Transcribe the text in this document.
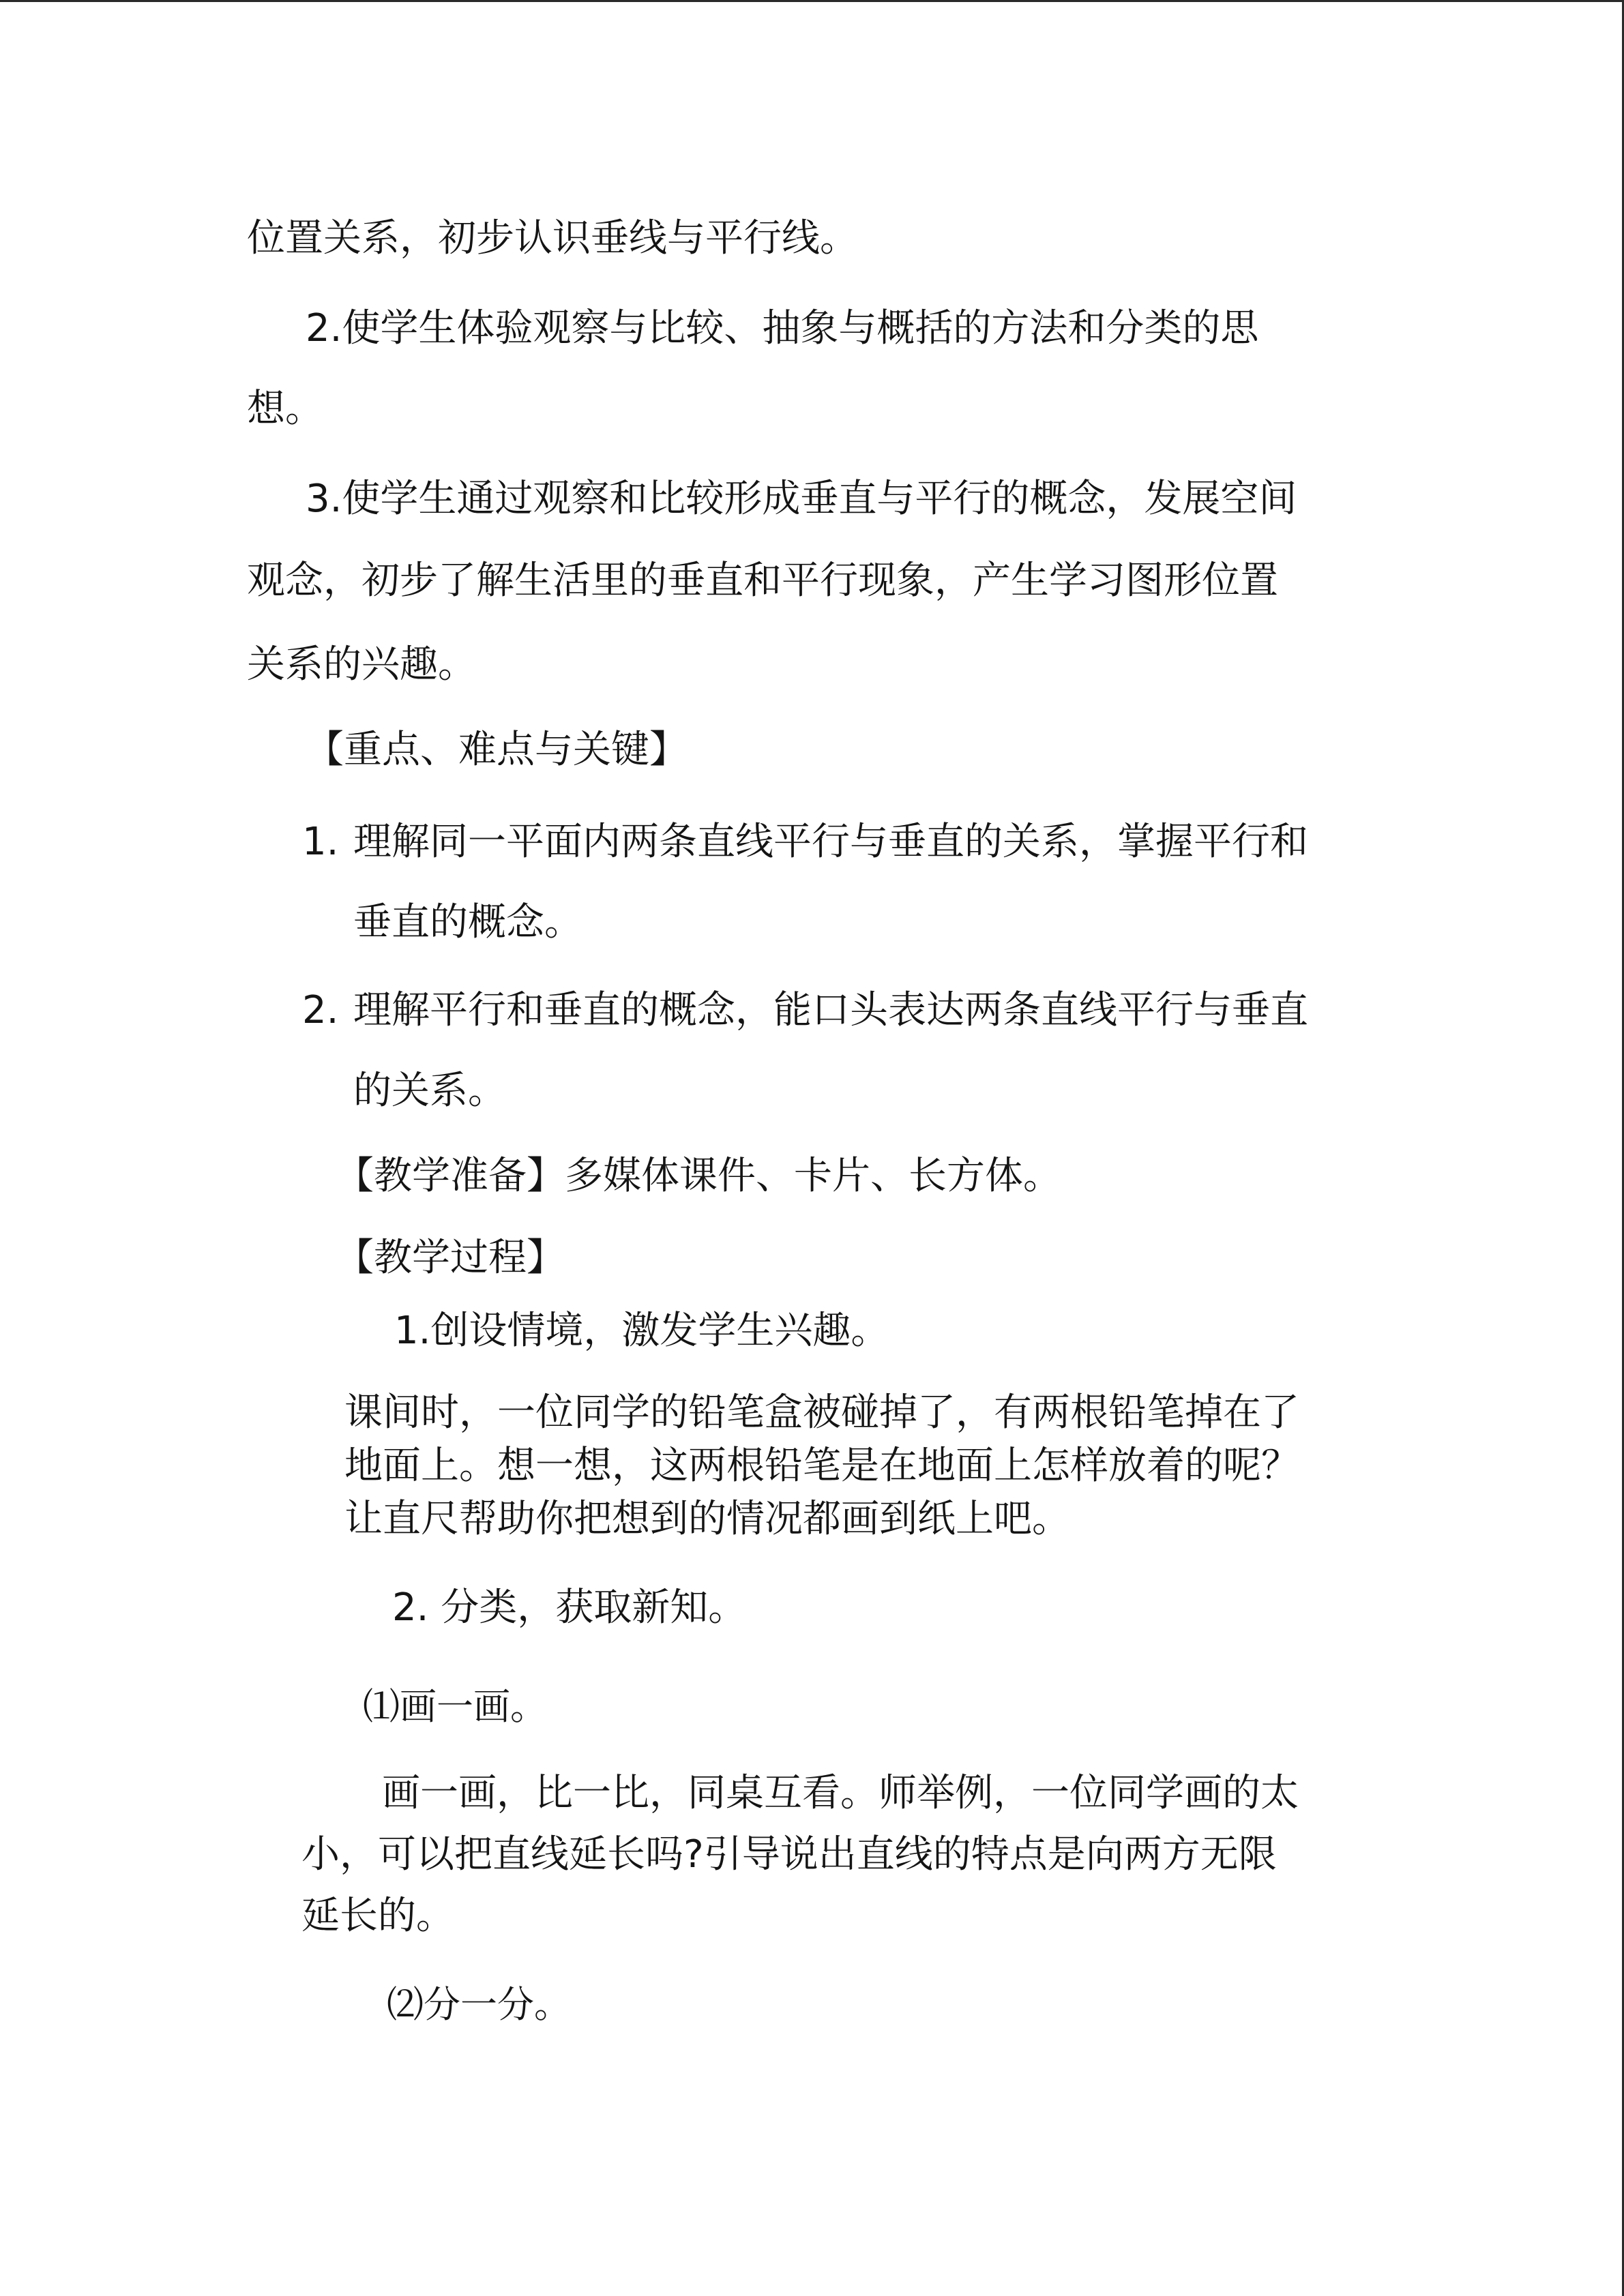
位置关系，初步认识垂线与平行线。

2.使学生体验观察与比较、抽象与概括的方法和分类的思

想。

3.使学生通过观察和比较形成垂直与平行的概念，发展空间

观念，初步了解生活里的垂直和平行现象，产生学习图形位置

关系的兴趣。

【重点、难点与关键】

1. 理解同一平面内两条直线平行与垂直的关系，掌握平行和

垂直的概念。

2. 理解平行和垂直的概念，能口头表达两条直线平行与垂直

的关系。

【教学准备】多媒体课件、卡片、长方体。

【教学过程】

1.创设情境，激发学生兴趣。

课间时，一位同学的铅笔盒被碰掉了，有两根铅笔掉在了

地面上。想一想，这两根铅笔是在地面上怎样放着的呢？

让直尺帮助你把想到的情况都画到纸上吧。

2. 分类，获取新知。

⑴画一画。

画一画，比一比，同桌互看。师举例，一位同学画的太

小，可以把直线延长吗?引导说出直线的特点是向两方无限

延长的。

⑵分一分。
